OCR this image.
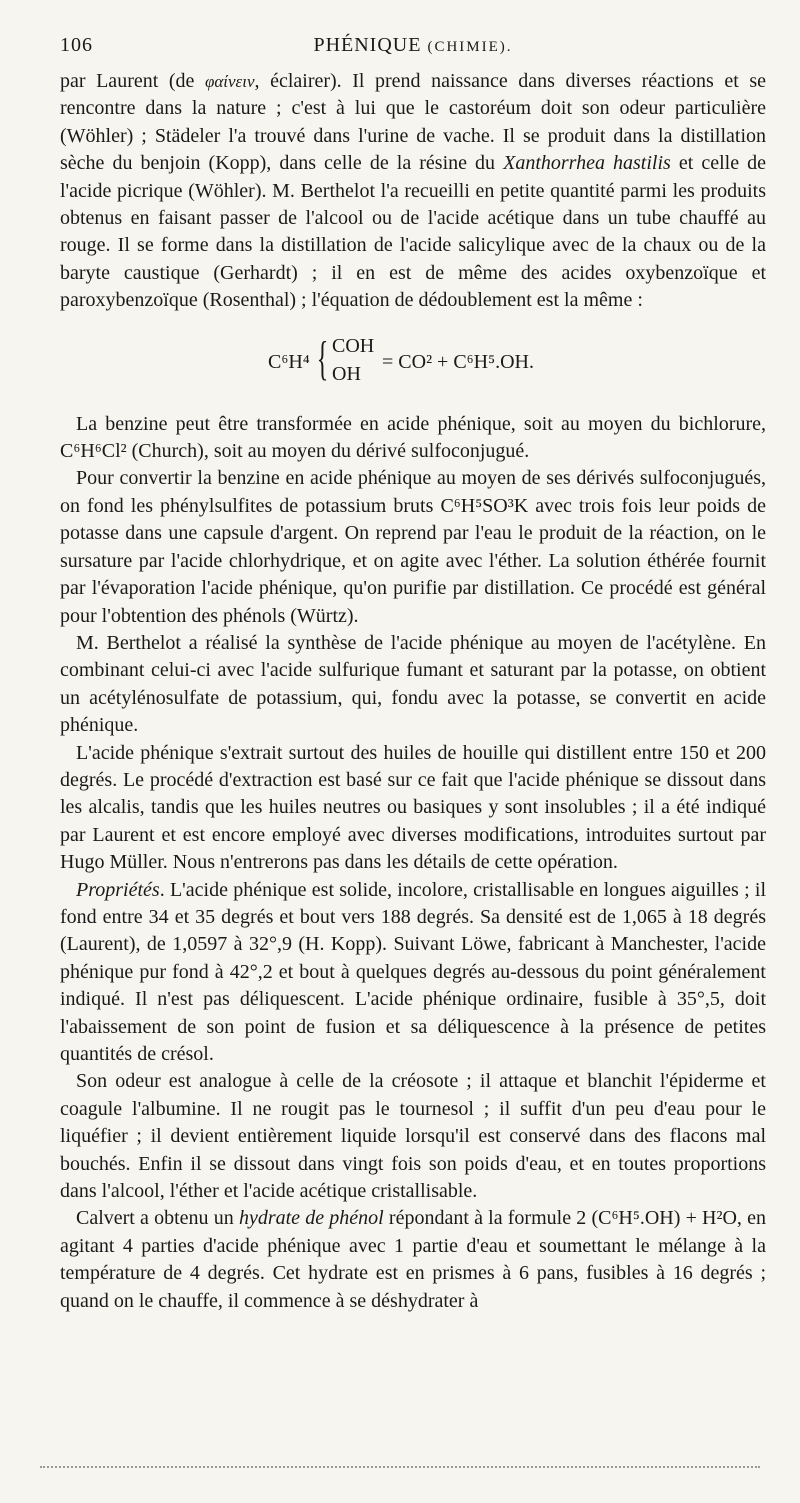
106	PHÉNIQUE (CHIMIE).

par Laurent (de φαίνειν, éclairer). Il prend naissance dans diverses réactions et se rencontre dans la nature ; c'est à lui que le castoréum doit son odeur particulière (Wöhler) ; Städeler l'a trouvé dans l'urine de vache. Il se produit dans la distillation sèche du benjoin (Kopp), dans celle de la résine du Xanthorrhea hastilis et celle de l'acide picrique (Wöhler). M. Berthelot l'a recueilli en petite quantité parmi les produits obtenus en faisant passer de l'alcool ou de l'acide acétique dans un tube chauffé au rouge. Il se forme dans la distillation de l'acide salicylique avec de la chaux ou de la baryte caustique (Gerhardt) ; il en est de même des acides oxybenzoïque et paroxybenzoïque (Rosenthal) ; l'équation de dédoublement est la même :

C⁶H⁴ { COH
OH
= CO² + C⁶H⁵.OH.

La benzine peut être transformée en acide phénique, soit au moyen du bichlorure, C⁶H⁶Cl² (Church), soit au moyen du dérivé sulfoconjugué.

Pour convertir la benzine en acide phénique au moyen de ses dérivés sulfoconjugués, on fond les phénylsulfites de potassium bruts C⁶H⁵SO³K avec trois fois leur poids de potasse dans une capsule d'argent. On reprend par l'eau le produit de la réaction, on le sursature par l'acide chlorhydrique, et on agite avec l'éther. La solution éthérée fournit par l'évaporation l'acide phénique, qu'on purifie par distillation. Ce procédé est général pour l'obtention des phénols (Würtz).

M. Berthelot a réalisé la synthèse de l'acide phénique au moyen de l'acétylène. En combinant celui-ci avec l'acide sulfurique fumant et saturant par la potasse, on obtient un acétylénosulfate de potassium, qui, fondu avec la potasse, se convertit en acide phénique.

L'acide phénique s'extrait surtout des huiles de houille qui distillent entre 150 et 200 degrés. Le procédé d'extraction est basé sur ce fait que l'acide phénique se dissout dans les alcalis, tandis que les huiles neutres ou basiques y sont insolubles ; il a été indiqué par Laurent et est encore employé avec diverses modifications, introduites surtout par Hugo Müller. Nous n'entrerons pas dans les détails de cette opération.

Propriétés. L'acide phénique est solide, incolore, cristallisable en longues aiguilles ; il fond entre 34 et 35 degrés et bout vers 188 degrés. Sa densité est de 1,065 à 18 degrés (Laurent), de 1,0597 à 32°,9 (H. Kopp). Suivant Löwe, fabricant à Manchester, l'acide phénique pur fond à 42°,2 et bout à quelques degrés au-dessous du point généralement indiqué. Il n'est pas déliquescent. L'acide phénique ordinaire, fusible à 35°,5, doit l'abaissement de son point de fusion et sa déliquescence à la présence de petites quantités de crésol.

Son odeur est analogue à celle de la créosote ; il attaque et blanchit l'épiderme et coagule l'albumine. Il ne rougit pas le tournesol ; il suffit d'un peu d'eau pour le liquéfier ; il devient entièrement liquide lorsqu'il est conservé dans des flacons mal bouchés. Enfin il se dissout dans vingt fois son poids d'eau, et en toutes proportions dans l'alcool, l'éther et l'acide acétique cristallisable.

Calvert a obtenu un hydrate de phénol répondant à la formule 2 (C⁶H⁵.OH) + H²O, en agitant 4 parties d'acide phénique avec 1 partie d'eau et soumettant le mélange à la température de 4 degrés. Cet hydrate est en prismes à 6 pans, fusibles à 16 degrés ; quand on le chauffe, il commence à se déshydrater à
